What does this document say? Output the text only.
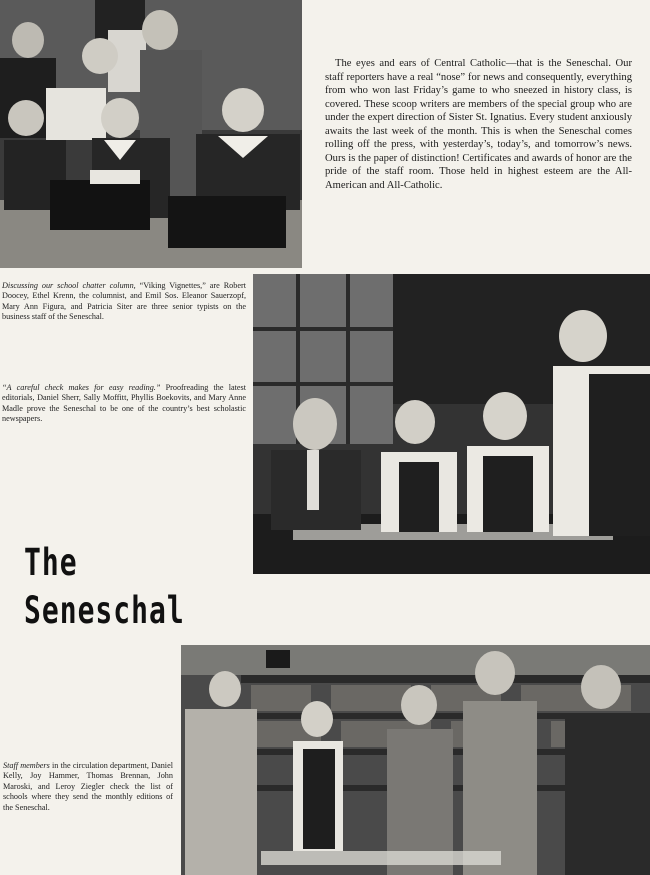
The eyes and ears of Central Catholic—that is the Seneschal. Our staff reporters have a real “nose” for news and consequently, everything from who won last Friday’s game to who sneezed in history class, is covered. These scoop writers are members of the special group who are under the expert direction of Sister St. Ignatius. Every student anxiously awaits the last week of the month. This is when the Seneschal comes rolling off the press, with yesterday’s, today’s, and tomorrow’s news. Ours is the paper of distinction! Certificates and awards of honor are the pride of the staff room. Those held in highest esteem are the All-American and All-Catholic.

Discussing our school chatter column, “Viking Vignettes,” are Robert Doocey, Ethel Krenn, the columnist, and Emil Sos. Eleanor Sauerzopf, Mary Ann Figura, and Patricia Siter are three senior typists on the business staff of the Seneschal.

“A careful check makes for easy reading.” Proofreading the latest editorials, Daniel Sherr, Sally Moffitt, Phyllis Boekovits, and Mary Anne Madle prove the Seneschal to be one of the country’s best scholastic newspapers.

The
Seneschal

Staff members in the circulation department, Daniel Kelly, Joy Hammer, Thomas Brennan, John Maroski, and Leroy Ziegler check the list of schools where they send the monthly editions of the Seneschal.
